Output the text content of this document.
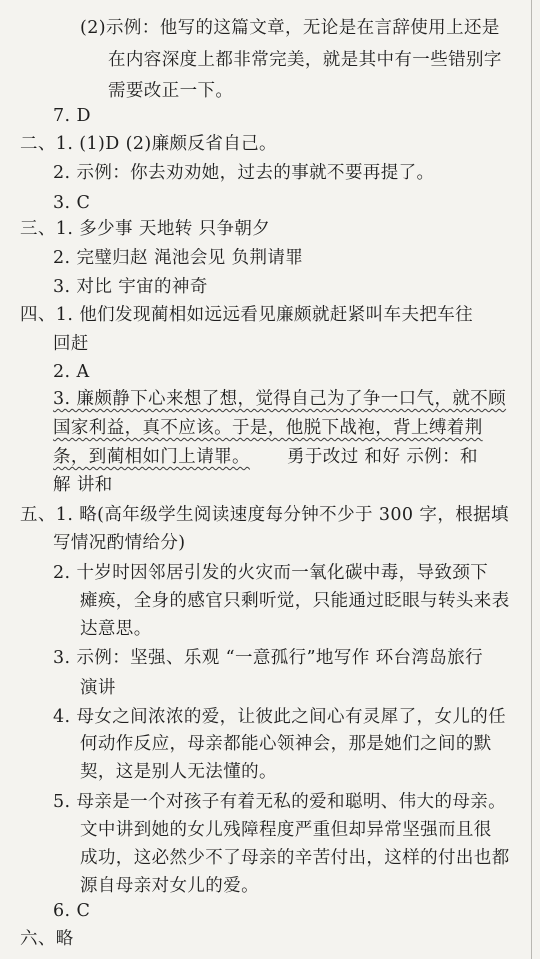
(2)示例：他写的这篇文章，无论是在言辞使用上还是
在内容深度上都非常完美，就是其中有一些错别字
需要改正一下。
7. D
二、1. (1)D (2)廉颇反省自己。
2. 示例：你去劝劝她，过去的事就不要再提了。
3. C
三、1. 多少事 天地转 只争朝夕
2. 完璧归赵 渑池会见 负荆请罪
3. 对比 宇宙的神奇
四、1. 他们发现蔺相如远远看见廉颇就赶紧叫车夫把车往
回赶
2. A
3. 廉颇静下心来想了想，觉得自己为了争一口气，就不顾
国家利益，真不应该。于是，他脱下战袍，背上缚着荆
条，到蔺相如门上请罪。 勇于改过 和好 示例：和
解 讲和
五、1. 略(高年级学生阅读速度每分钟不少于 300 字，根据填
写情况酌情给分)
2. 十岁时因邻居引发的火灾而一氧化碳中毒，导致颈下
瘫痪，全身的感官只剩听觉，只能通过眨眼与转头来表
达意思。
3. 示例：坚强、乐观 “一意孤行”地写作 环台湾岛旅行
演讲
4. 母女之间浓浓的爱，让彼此之间心有灵犀了，女儿的任
何动作反应，母亲都能心领神会，那是她们之间的默
契，这是别人无法懂的。
5. 母亲是一个对孩子有着无私的爱和聪明、伟大的母亲。
文中讲到她的女儿残障程度严重但却异常坚强而且很
成功，这必然少不了母亲的辛苦付出，这样的付出也都
源自母亲对女儿的爱。
6. C
六、略
